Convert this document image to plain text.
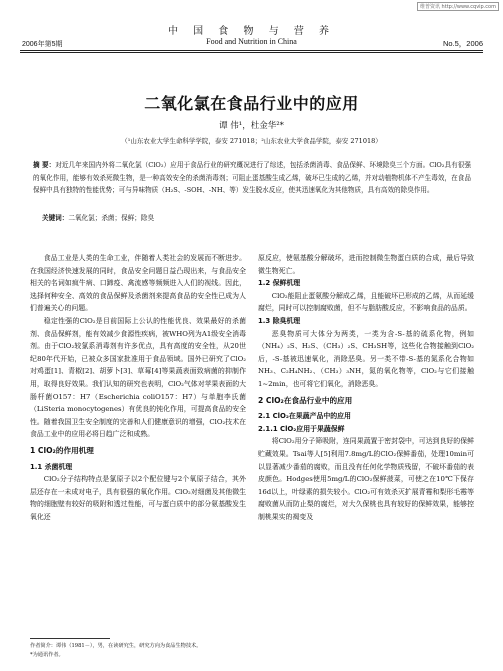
维普资讯 http://www.cqvip.com
中 国 食 物 与 营 养
Food and Nutrition in China
2006年第5期	No.5，2006
二氧化氯在食品行业中的应用
谭 伟¹，杜金华²*
（¹山东农业大学生命科学学院，泰安 271018；²山东农业大学食品学院，泰安 271018）
摘 要：对近几年来国内外将二氧化氯（ClO₂）应用于食品行业的研究概况进行了综述，包括杀菌消毒、食品保鲜、环境除臭三个方面。ClO₂具有很强的氧化作用，能够有效杀死微生物，是一种高效安全的杀菌消毒剂；可阻止蛋基酸生成乙烯，破坏已生成的乙烯，并对动植物机体不产生毒效，在食品保鲜中具有独特的性能优势；可与异味物质（H₂S、-SOH、-NH、等）发生脱水反应，使其迅速氧化为其他物质，具有高效的除臭作用。
关键词：二氧化氯；杀菌；保鲜；除臭

食品工业是人类的生命工业，伴随着人类社会的发展而不断进步。在我国经济快速发展的同时，食品安全问题日益凸现出来，与食品安全相关的名词如疯牛病、口蹄疫、禽流感等频频进入人们的视线。因此，选择何种安全、高效的食品保鲜及杀菌剂来提高食品的安全性已成为人们普遍关心的问题。

稳定性强的ClO₂是目前国际上公认的性能优良、效果最好的杀菌剂、食品保鲜剂，能有效减少食源性疾病，被WHO列为A1级安全消毒剂。由于ClO₂较氯系消毒剂有许多优点，具有高度的安全性，从20世纪80年代开始，已被众多国家批准用于食品领域。国外已研究了ClO₂对鸡蛋[1]、青椒[2]、胡萝卜[3]、草莓[4]等果蔬表面致病菌的抑制作用，取得良好效果。我们认知的研究也表明，ClO₂气体对苹果表面的大肠杆菌O157：H7（Escherichia coliO157：H7）与单胞李氏菌（LiSteria monocytogenes）有优良的钝化作用，可提高食品的安全性。随着我国卫生安全制度的完善和人们健康意识的增强，ClO₂技术在食品工业中的应用必将日趋广泛和成熟。

1 ClO₂的作用机理

1.1 杀菌机理

ClO₂分子结构特点是氯原子以2个配位键与2个氧原子结合，其外层还存在一未成对电子，具有很强的氧化作用。ClO₂对细菌及其他微生物的细胞壁有较好的吸附和透过性能，可与蛋白质中的部分氨基酸发生氧化还

原反应，使氨基酸分解破坏，进而控制微生物蛋白质的合成，最后导致微生物死亡。

1.2 保鲜机理

ClO₂能阻止蛋氨酸分解成乙烯，且能破坏已形成的乙烯，从而延缓腐烂，同时可以控制腐败菌，但不与脂肪酸反应，不影响食品的品质。

1.3 除臭机理

恶臭物质可大体分为两类，一类为含-S-基的硫系化物，例如（NH₄）₂S、H₂S、（CH₃）₂S、CH₃SH等，这些化合物接触到ClO₂后，-S-基被迅速氧化，消除恶臭。另一类不带-S-基的氮系化合物如NH₃、C₂H₄NH₂、（CH₃）₃NH，氮的氧化物等，ClO₂与它们接触1~2min，也可将它们氧化，消除恶臭。

2 ClO₂在食品行业中的应用

2.1 ClO₂在果蔬产品中的应用

2.1.1 ClO₂应用于果蔬保鲜

将ClO₂用分子筛吸附，连同果蔬置于密封袋中，可达到良好的保鲜贮藏效果。Tsai等人[5]利用7.8mg/L的ClO₂保鲜番茄，处理10min可以显著减少番茄的腐败，而且没有任何化学物质残留，不破坏番茄的表皮颜色。Hodges使用5mg/L的ClO₂保鲜菠菜，可使之在10℃下保存16d以上，叶绿素的损失较小。ClO₂可有效杀灭扩展青霉和梨形毛霉等腐败菌从而防止梨的腐烂，对大久保桃也具有较好的保鲜效果，能够控制桃果实的褐变及

作者简介：谭伟（1981－），男，在读研究生，研究方向为食品生物技术。
*为通讯作者。
